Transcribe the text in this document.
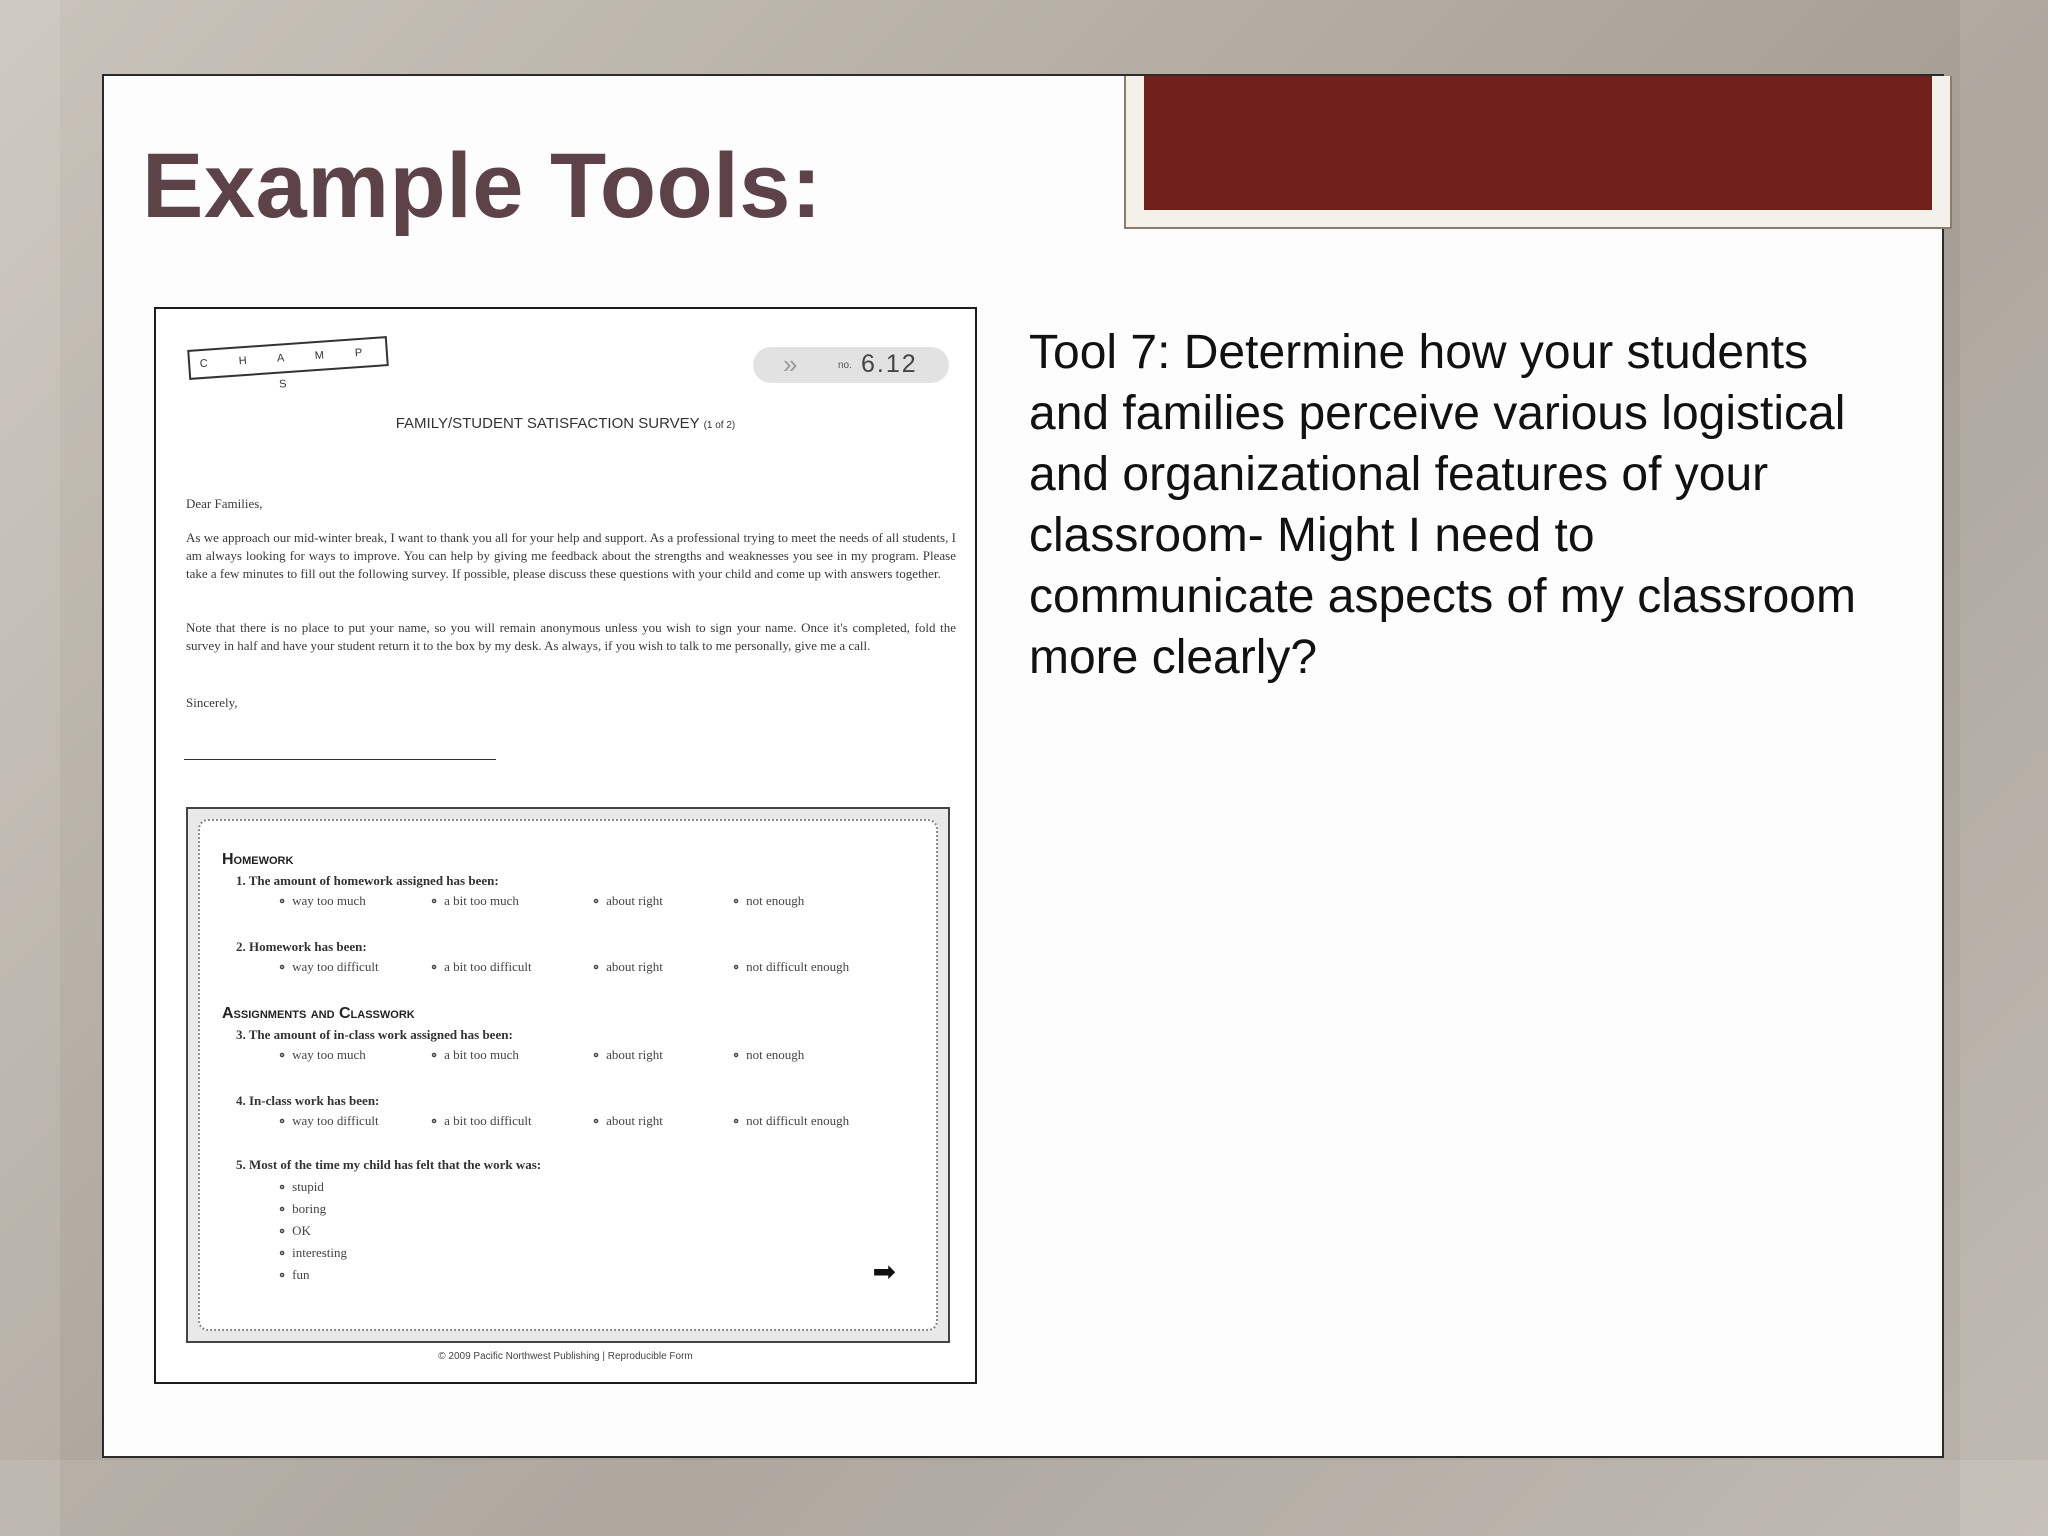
Example Tools:
C H A M P S
»	no. 6.12
FAMILY/STUDENT SATISFACTION SURVEY (1 of 2)
Dear Families,
As we approach our mid-winter break, I want to thank you all for your help and support. As a professional trying to meet the needs of all students, I am always looking for ways to improve. You can help by giving me feedback about the strengths and weaknesses you see in my program. Please take a few minutes to fill out the following survey. If possible, please discuss these questions with your child and come up with answers together.
Note that there is no place to put your name, so you will remain anonymous unless you wish to sign your name. Once it's completed, fold the survey in half and have your student return it to the box by my desk. As always, if you wish to talk to me personally, give me a call.
Sincerely,
Homework
1. The amount of homework assigned has been:
∘ way too much	∘ a bit too much	∘ about right	∘ not enough
2. Homework has been:
∘ way too difficult	∘ a bit too difficult	∘ about right	∘ not difficult enough
Assignments and Classwork
3. The amount of in-class work assigned has been:
∘ way too much	∘ a bit too much	∘ about right	∘ not enough
4. In-class work has been:
∘ way too difficult	∘ a bit too difficult	∘ about right	∘ not difficult enough
5. Most of the time my child has felt that the work was:
∘ stupid
∘ boring
∘ OK
∘ interesting
∘ fun	➡
© 2009 Pacific Northwest Publishing | Reproducible Form

Tool 7: Determine how your students and families perceive various logistical and organizational features of your classroom- Might I need to communicate aspects of my classroom more clearly?
